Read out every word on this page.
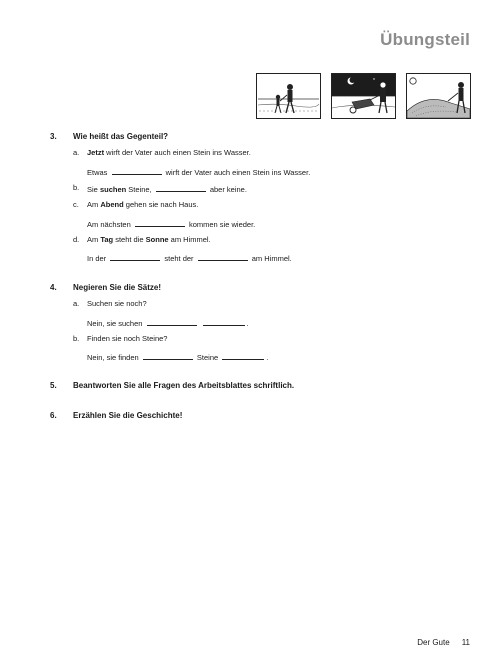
Übungsteil
3. Wie heißt das Gegenteil?
a. Jetzt wirft der Vater auch einen Stein ins Wasser.
Etwas	wirft der Vater auch einen Stein ins Wasser.
b. Sie suchen Steine,	aber keine.
c. Am Abend gehen sie nach Haus.
Am nächsten	kommen sie wieder.
d. Am Tag steht die Sonne am Himmel.
In der	steht der	am Himmel.
4. Negieren Sie die Sätze!
a. Suchen sie noch?
Nein, sie suchen	.
b. Finden sie noch Steine?
Nein, sie finden	Steine	.
5. Beantworten Sie alle Fragen des Arbeitsblattes schriftlich.
6. Erzählen Sie die Geschichte!
Der Gute 11
